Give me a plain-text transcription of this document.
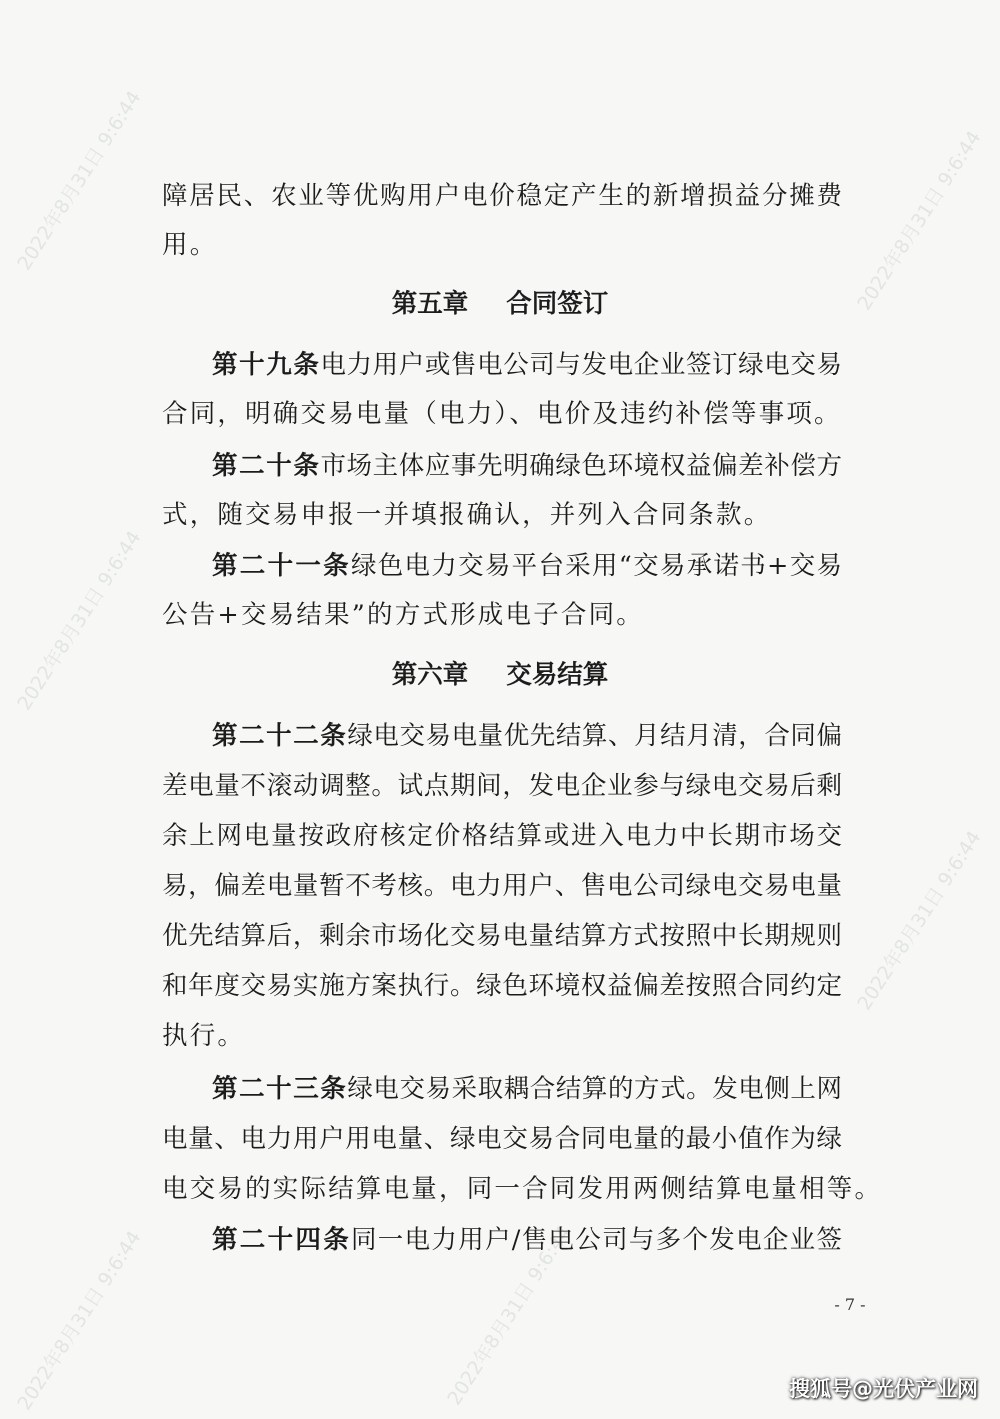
2022年8月31日 9:6:44	2022年8月31日 9:6:44
2022年8月31日 9:6:44
2022年8月31日 9:6:44
2022年8月31日 9:6:44	2022年8月31日 9:6:44
障居民、农业等优购用户电价稳定产生的新增损益分摊费
用。
第五章 合同签订
第十九条电力用户或售电公司与发电企业签订绿电交易
合同，明确交易电量（电力）、电价及违约补偿等事项。
第二十条市场主体应事先明确绿色环境权益偏差补偿方
式，随交易申报一并填报确认，并列入合同条款。
第二十一条绿色电力交易平台采用“交易承诺书+交易
公告+交易结果”的方式形成电子合同。
第六章 交易结算
第二十二条绿电交易电量优先结算、月结月清，合同偏
差电量不滚动调整。试点期间，发电企业参与绿电交易后剩
余上网电量按政府核定价格结算或进入电力中长期市场交
易，偏差电量暂不考核。电力用户、售电公司绿电交易电量
优先结算后，剩余市场化交易电量结算方式按照中长期规则
和年度交易实施方案执行。绿色环境权益偏差按照合同约定
执行。
第二十三条绿电交易采取耦合结算的方式。发电侧上网
电量、电力用户用电量、绿电交易合同电量的最小值作为绿
电交易的实际结算电量，同一合同发用两侧结算电量相等。
第二十四条同一电力用户/售电公司与多个发电企业签
- 7 -
搜狐号@光伏产业网
